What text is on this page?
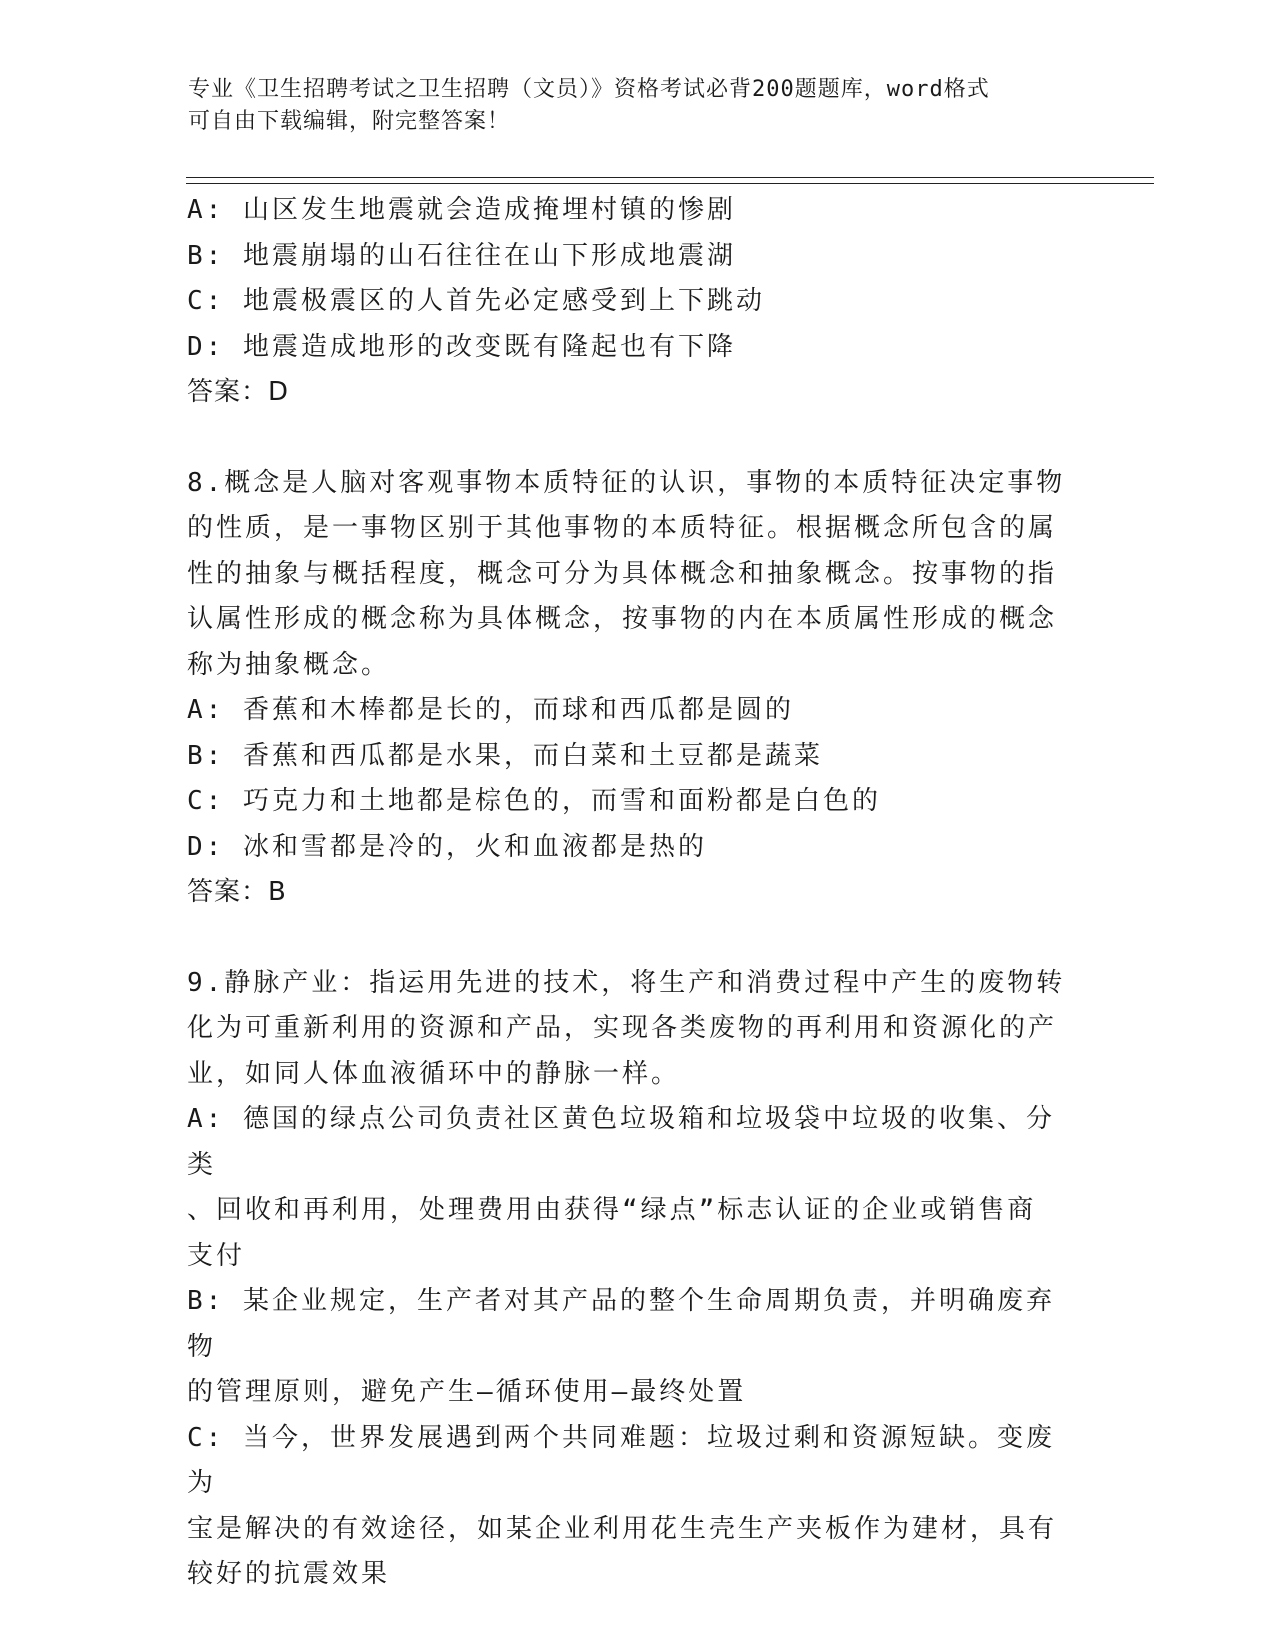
专业《卫生招聘考试之卫生招聘（文员）》资格考试必背200题题库，word格式
可自由下载编辑，附完整答案！

A: 山区发生地震就会造成掩埋村镇的惨剧

B: 地震崩塌的山石往往在山下形成地震湖

C: 地震极震区的人首先必定感受到上下跳动

D: 地震造成地形的改变既有隆起也有下降

答案：D

8.概念是人脑对客观事物本质特征的认识，事物的本质特征决定事物

的性质，是一事物区别于其他事物的本质特征。根据概念所包含的属

性的抽象与概括程度，概念可分为具体概念和抽象概念。按事物的指

认属性形成的概念称为具体概念，按事物的内在本质属性形成的概念

称为抽象概念。

A: 香蕉和木棒都是长的，而球和西瓜都是圆的

B: 香蕉和西瓜都是水果，而白菜和土豆都是蔬菜

C: 巧克力和土地都是棕色的，而雪和面粉都是白色的

D: 冰和雪都是冷的，火和血液都是热的

答案：B

9.静脉产业：指运用先进的技术，将生产和消费过程中产生的废物转

化为可重新利用的资源和产品，实现各类废物的再利用和资源化的产

业，如同人体血液循环中的静脉一样。

A: 德国的绿点公司负责社区黄色垃圾箱和垃圾袋中垃圾的收集、分类

、回收和再利用，处理费用由获得“绿点”标志认证的企业或销售商

支付

B: 某企业规定，生产者对其产品的整个生命周期负责，并明确废弃物

的管理原则，避免产生—循环使用—最终处置

C: 当今，世界发展遇到两个共同难题：垃圾过剩和资源短缺。变废为

宝是解决的有效途径，如某企业利用花生壳生产夹板作为建材，具有

较好的抗震效果
